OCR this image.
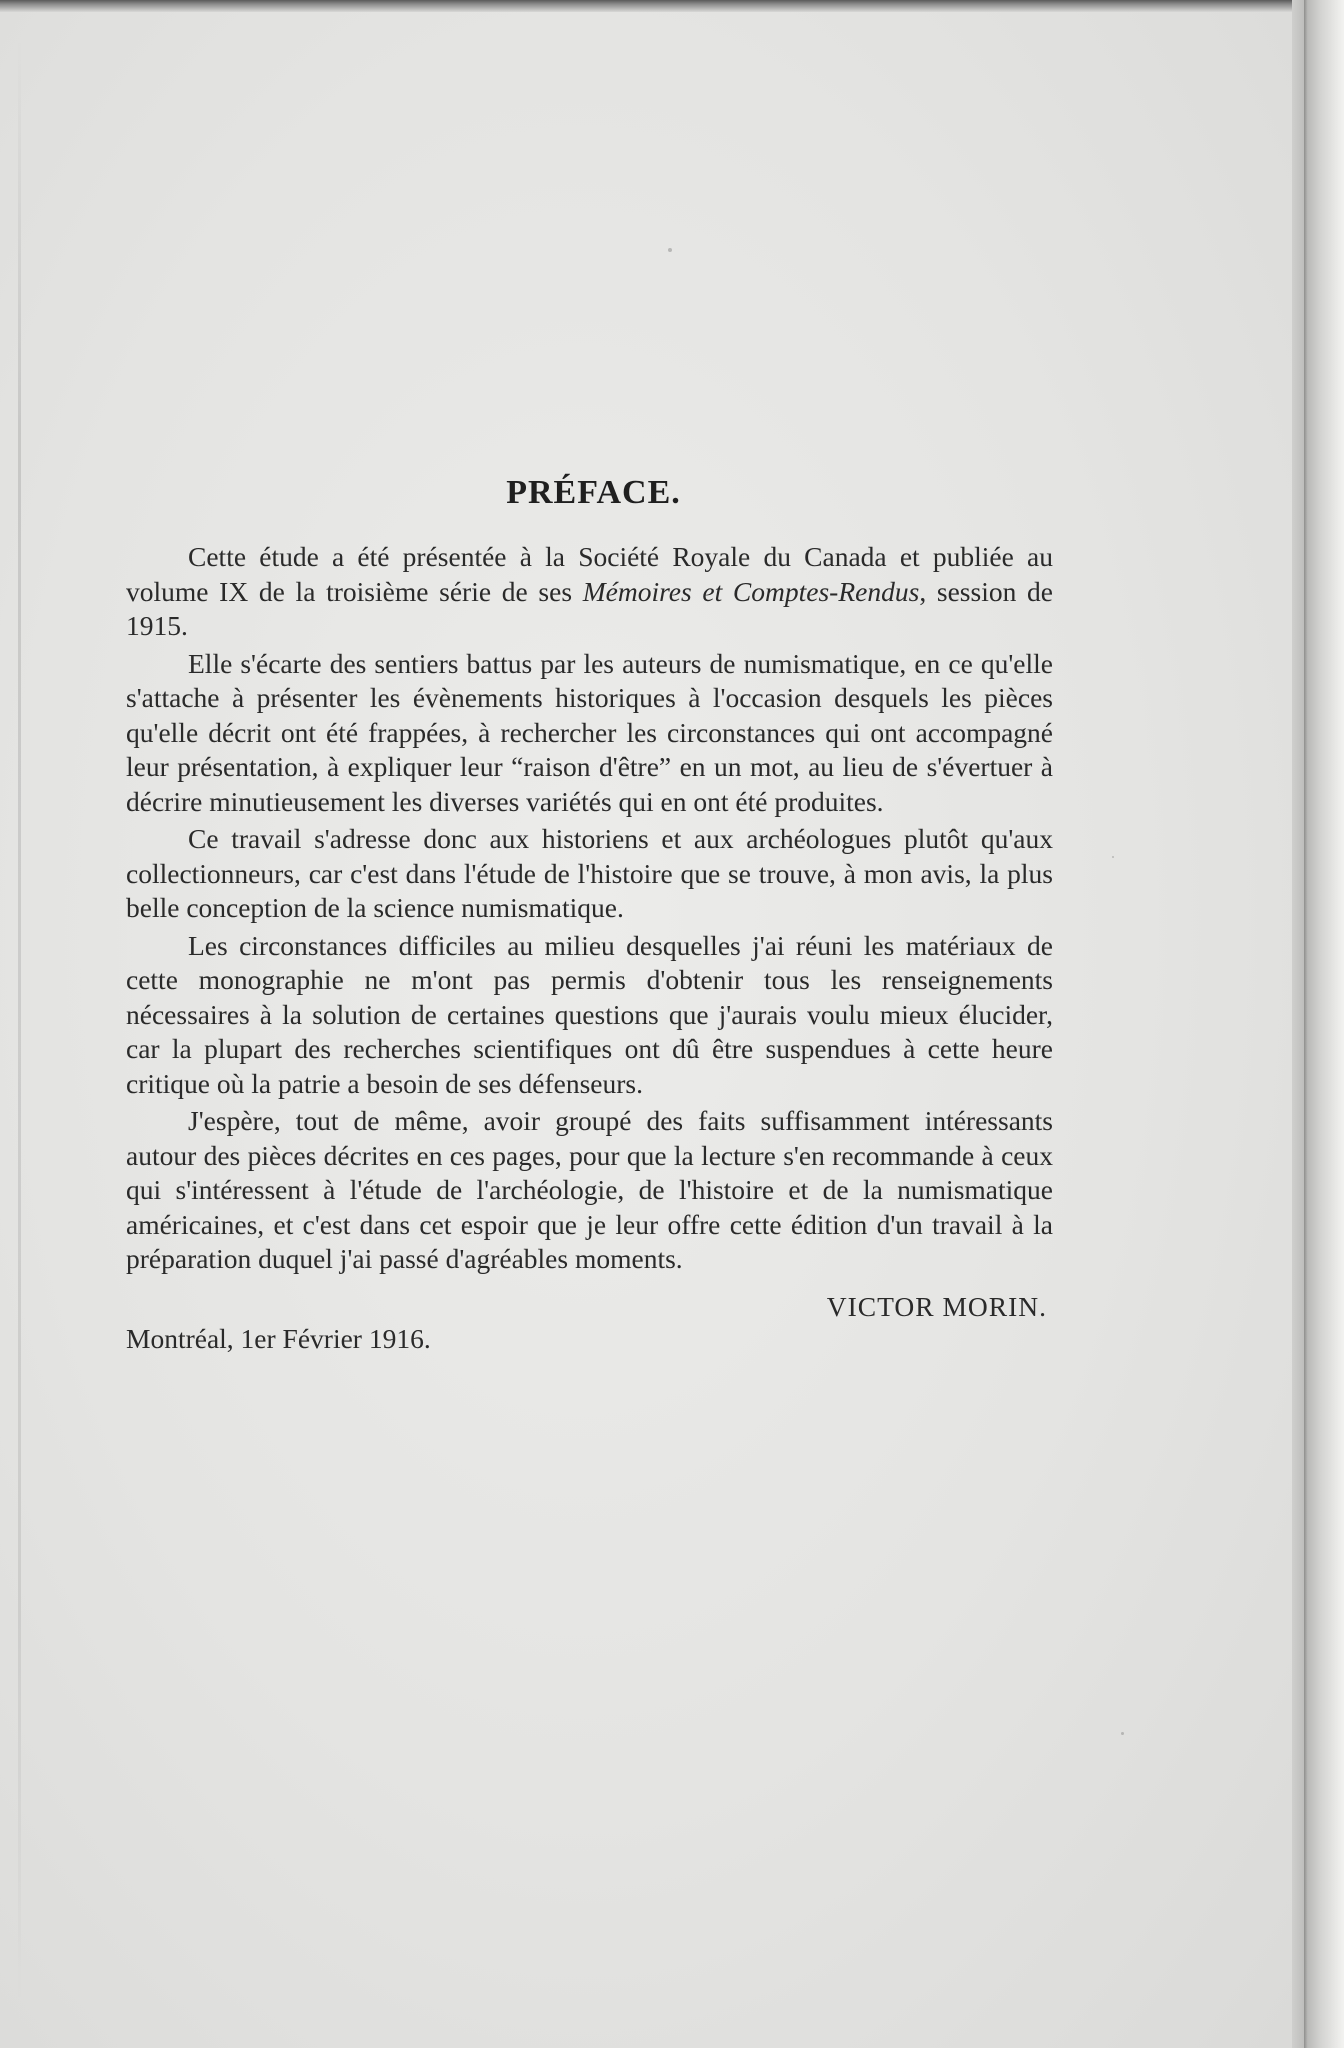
PRÉFACE.

Cette étude a été présentée à la Société Royale du Canada et publiée au volume IX de la troisième série de ses Mémoires et Comptes-Rendus, session de 1915.

Elle s'écarte des sentiers battus par les auteurs de numismatique, en ce qu'elle s'attache à présenter les évènements historiques à l'occasion desquels les pièces qu'elle décrit ont été frappées, à rechercher les circonstances qui ont accompagné leur présentation, à expliquer leur “raison d'être” en un mot, au lieu de s'évertuer à décrire minutieusement les diverses variétés qui en ont été produites.

Ce travail s'adresse donc aux historiens et aux archéologues plutôt qu'aux collectionneurs, car c'est dans l'étude de l'histoire que se trouve, à mon avis, la plus belle conception de la science numismatique.

Les circonstances difficiles au milieu desquelles j'ai réuni les matériaux de cette monographie ne m'ont pas permis d'obtenir tous les renseignements nécessaires à la solution de certaines questions que j'aurais voulu mieux élucider, car la plupart des recherches scientifiques ont dû être suspendues à cette heure critique où la patrie a besoin de ses défenseurs.

J'espère, tout de même, avoir groupé des faits suffisamment intéressants autour des pièces décrites en ces pages, pour que la lecture s'en recommande à ceux qui s'intéressent à l'étude de l'archéologie, de l'histoire et de la numismatique américaines, et c'est dans cet espoir que je leur offre cette édition d'un travail à la préparation duquel j'ai passé d'agréables moments.

VICTOR MORIN.
Montréal, 1er Février 1916.
